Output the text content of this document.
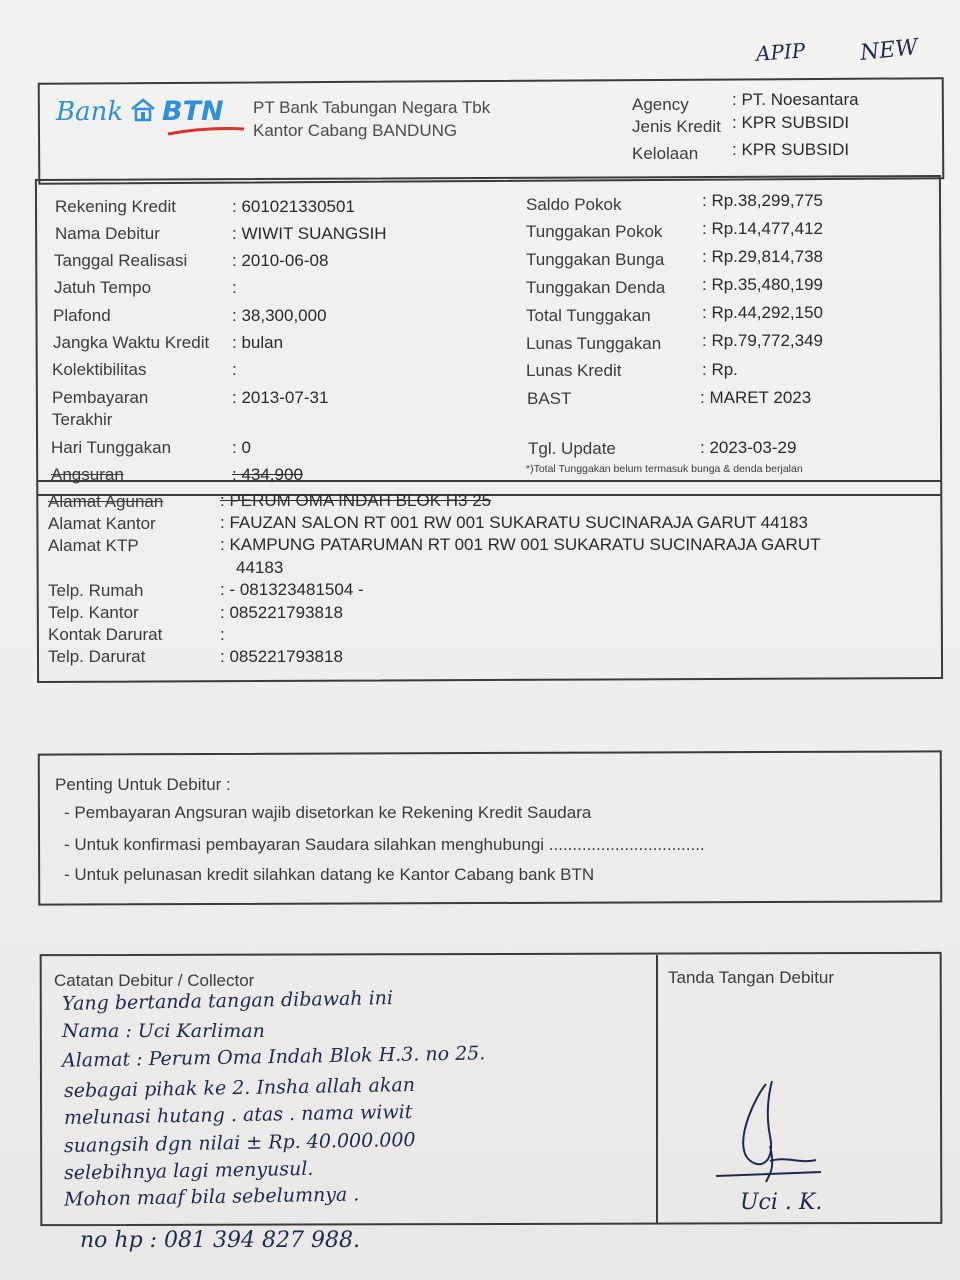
APIP NEW
Bank BTN PT Bank Tabungan Negara Tbk
Kantor Cabang BANDUNG
Agency	: PT. Noesantara
Jenis Kredit : KPR SUBSIDI
Kelolaan : KPR SUBSIDI
Rekening Kredit	: 601021330501
Nama Debitur	: WIWIT SUANGSIH
Tanggal Realisasi	: 2010-06-08
Jatuh Tempo	:
Plafond	: 38,300,000
Jangka Waktu Kredit : bulan
Kolektibilitas	:
Pembayaran	: 2013-07-31
Terakhir
Hari Tunggakan	: 0
Angsuran	: 434,900
Saldo Pokok	: Rp.38,299,775
Tunggakan Pokok : Rp.14,477,412
Tunggakan Bunga : Rp.29,814,738
Tunggakan Denda : Rp.35,480,199
Total Tunggakan	: Rp.44,292,150
Lunas Tunggakan : Rp.79,772,349
Lunas Kredit	: Rp.
BAST	: MARET 2023
Tgl. Update	: 2023-03-29
*)Total Tunggakan belum termasuk bunga & denda berjalan
Alamat Agunan	: PERUM OMA INDAH BLOK H3 25
Alamat Kantor	: FAUZAN SALON RT 001 RW 001 SUKARATU SUCINARAJA GARUT 44183
Alamat KTP	: KAMPUNG PATARUMAN RT 001 RW 001 SUKARATU SUCINARAJA GARUT
44183
Telp. Rumah	: - 081323481504 -
Telp. Kantor	: 085221793818
Kontak Darurat	:
Telp. Darurat	: 085221793818
Penting Untuk Debitur :
- Pembayaran Angsuran wajib disetorkan ke Rekening Kredit Saudara
- Untuk konfirmasi pembayaran Saudara silahkan menghubungi .................................
- Untuk pelunasan kredit silahkan datang ke Kantor Cabang bank BTN
Catatan Debitur / Collector	Tanda Tangan Debitur
Yang bertanda tangan dibawah ini
Nama : Uci Karliman
Alamat : Perum Oma Indah Blok H.3. no 25.
sebagai pihak ke 2. Insha allah akan
melunasi hutang . atas . nama wiwit
suangsih dgn nilai ± Rp. 40.000.000
selebihnya lagi menyusul.
Mohon maaf bila sebelumnya .	Uci . K.
no hp : 081 394 827 988.
